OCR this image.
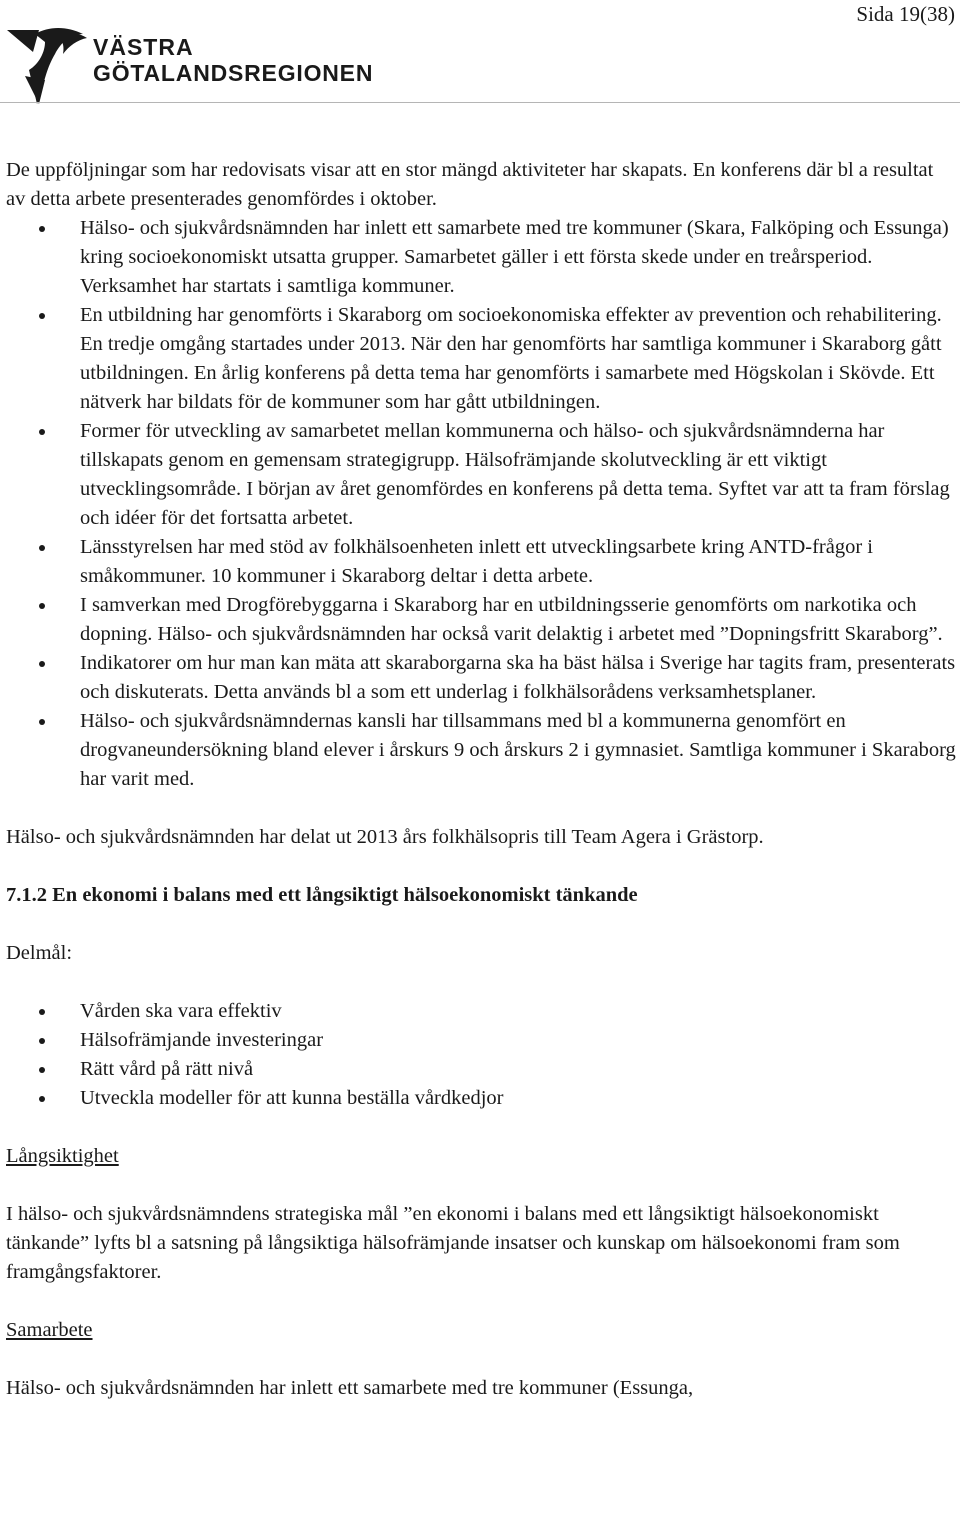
Sida 19(38)
VÄSTRA
GÖTALANDSREGIONEN

De uppföljningar som har redovisats visar att en stor mängd aktiviteter har skapats. En konferens där bl a resultat av detta arbete presenterades genomfördes i oktober.

Hälso- och sjukvårdsnämnden har inlett ett samarbete med tre kommuner (Skara, Falköping och Essunga) kring socioekonomiskt utsatta grupper. Samarbetet gäller i ett första skede under en treårsperiod. Verksamhet har startats i samtliga kommuner.
En utbildning har genomförts i Skaraborg om socioekonomiska effekter av prevention och rehabilitering. En tredje omgång startades under 2013. När den har genomförts har samtliga kommuner i Skaraborg gått utbildningen. En årlig konferens på detta tema har genomförts i samarbete med Högskolan i Skövde. Ett nätverk har bildats för de kommuner som har gått utbildningen.
Former för utveckling av samarbetet mellan kommunerna och hälso- och sjukvårdsnämnderna har tillskapats genom en gemensam strategigrupp. Hälsofrämjande skolutveckling är ett viktigt utvecklingsområde. I början av året genomfördes en konferens på detta tema. Syftet var att ta fram förslag och idéer för det fortsatta arbetet.
Länsstyrelsen har med stöd av folkhälsoenheten inlett ett utvecklingsarbete kring ANTD-frågor i småkommuner. 10 kommuner i Skaraborg deltar i detta arbete.
I samverkan med Drogförebyggarna i Skaraborg har en utbildningsserie genomförts om narkotika och dopning. Hälso- och sjukvårdsnämnden har också varit delaktig i arbetet med ”Dopningsfritt Skaraborg”.
Indikatorer om hur man kan mäta att skaraborgarna ska ha bäst hälsa i Sverige har tagits fram, presenterats och diskuterats. Detta används bl a som ett underlag i folkhälsorådens verksamhetsplaner.
Hälso- och sjukvårdsnämndernas kansli har tillsammans med bl a kommunerna genomfört en drogvaneundersökning bland elever i årskurs 9 och årskurs 2 i gymnasiet. Samtliga kommuner i Skaraborg har varit med.

Hälso- och sjukvårdsnämnden har delat ut 2013 års folkhälsopris till Team Agera i Grästorp.

7.1.2 En ekonomi i balans med ett långsiktigt hälsoekonomiskt tänkande

Delmål:

Vården ska vara effektiv
Hälsofrämjande investeringar
Rätt vård på rätt nivå
Utveckla modeller för att kunna beställa vårdkedjor

Långsiktighet

I hälso- och sjukvårdsnämndens strategiska mål ”en ekonomi i balans med ett långsiktigt hälsoekonomiskt tänkande” lyfts bl a satsning på långsiktiga hälsofrämjande insatser och kunskap om hälsoekonomi fram som framgångsfaktorer.

Samarbete

Hälso- och sjukvårdsnämnden har inlett ett samarbete med tre kommuner (Essunga,
